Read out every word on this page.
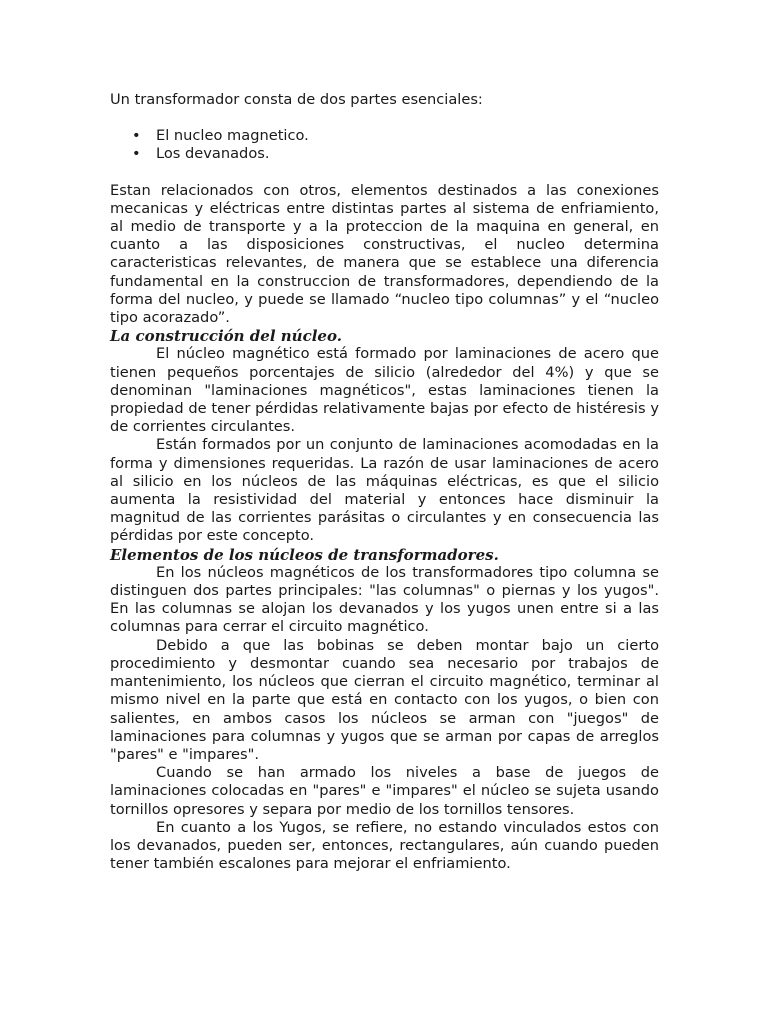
Un transformador consta de dos partes esenciales:

• El nucleo magnetico.
• Los devanados.

Estan relacionados con otros, elementos destinados a las conexiones mecanicas y eléctricas entre distintas partes al sistema de enfriamiento, al medio de transporte y a la proteccion de la maquina en general, en cuanto a las disposiciones constructivas, el nucleo determina caracteristicas relevantes, de manera que se establece una diferencia fundamental en la construccion de transformadores, dependiendo de la forma del nucleo, y puede se llamado “nucleo tipo columnas” y el “nucleo tipo acorazado”.

La construcción del núcleo.

El núcleo magnético está formado por laminaciones de acero que tienen pequeños porcentajes de silicio (alrededor del 4%) y que se denominan "laminaciones magnéticos", estas laminaciones tienen la propiedad de tener pérdidas relativamente bajas por efecto de histéresis y de corrientes circulantes.

Están formados por un conjunto de laminaciones acomodadas en la forma y dimensiones requeridas. La razón de usar laminaciones de acero al silicio en los núcleos de las máquinas eléctricas, es que el silicio aumenta la resistividad del material y entonces hace disminuir la magnitud de las corrientes parásitas o circulantes y en consecuencia las pérdidas por este concepto.

Elementos de los núcleos de transformadores.

En los núcleos magnéticos de los transformadores tipo columna se distinguen dos partes principales: "las columnas" o piernas y los yugos". En las columnas se alojan los devanados y los yugos unen entre si a las columnas para cerrar el circuito magnético.

Debido a que las bobinas se deben montar bajo un cierto procedimiento y desmontar cuando sea necesario por trabajos de mantenimiento, los núcleos que cierran el circuito magnético, terminar al mismo nivel en la parte que está en contacto con los yugos, o bien con salientes, en ambos casos los núcleos se arman con "juegos" de laminaciones para columnas y yugos que se arman por capas de arreglos "pares" e "impares".

Cuando se han armado los niveles a base de juegos de laminaciones colocadas en "pares" e "impares" el núcleo se sujeta usando tornillos opresores y separa por medio de los tornillos tensores.

En cuanto a los Yugos, se refiere, no estando vinculados estos con los devanados, pueden ser, entonces, rectangulares, aún cuando pueden tener también escalones para mejorar el enfriamiento.
